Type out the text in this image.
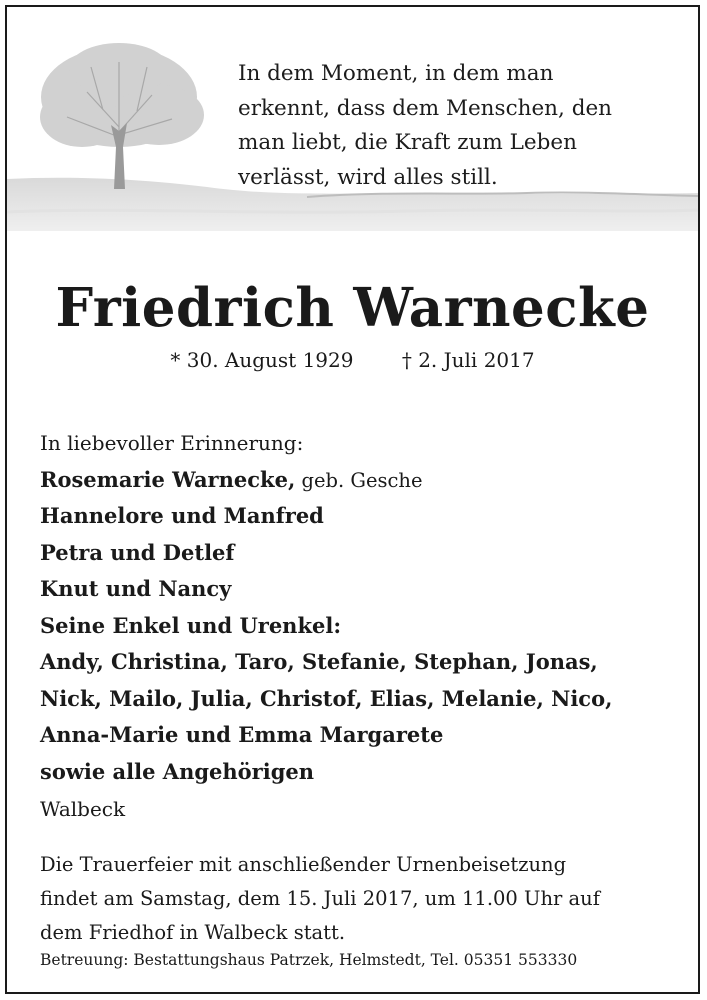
In dem Moment, in dem man
erkennt, dass dem Menschen, den
man liebt, die Kraft zum Leben
verlässt, wird alles still.
Friedrich Warnecke
* 30. August 1929 † 2. Juli 2017
In liebevoller Erinnerung:
Rosemarie Warnecke, geb. Gesche
Hannelore und Manfred
Petra und Detlef
Knut und Nancy
Seine Enkel und Urenkel:
Andy, Christina, Taro, Stefanie, Stephan, Jonas,
Nick, Mailo, Julia, Christof, Elias, Melanie, Nico,
Anna-Marie und Emma Margarete
sowie alle Angehörigen
Walbeck
Die Trauerfeier mit anschließender Urnenbeisetzung
findet am Samstag, dem 15. Juli 2017, um 11.00 Uhr auf
dem Friedhof in Walbeck statt.
Betreuung: Bestattungshaus Patrzek, Helmstedt, Tel. 05351 553330
